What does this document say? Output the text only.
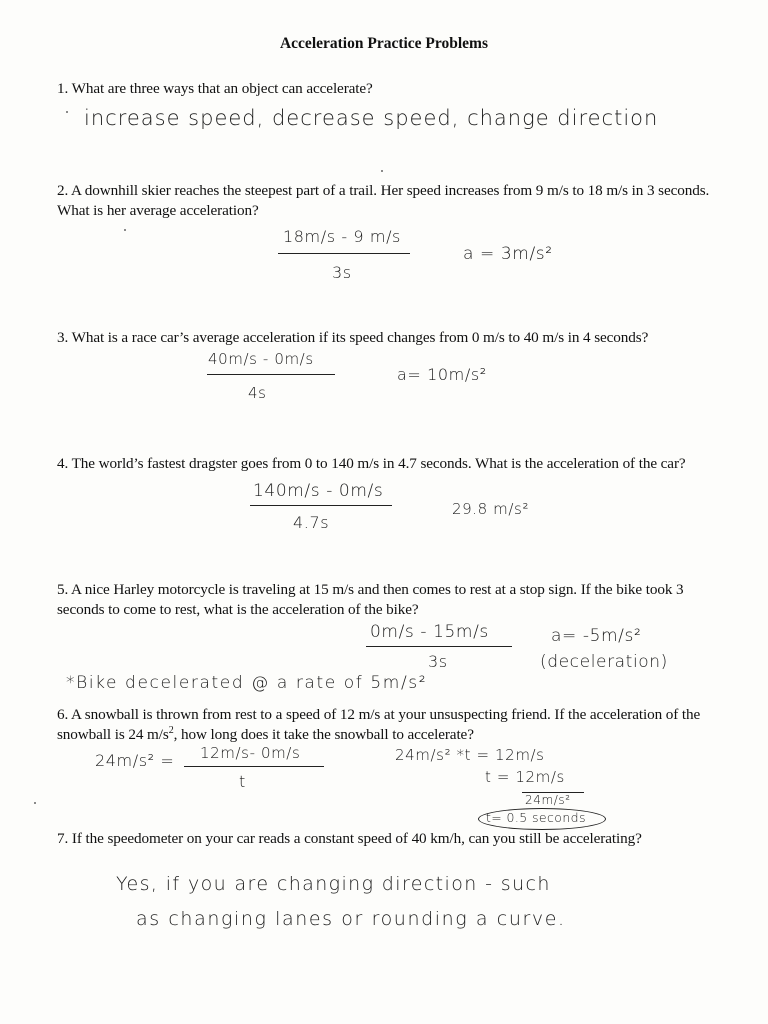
Acceleration Practice Problems

1. What are three ways that an object can accelerate?

increase speed, decrease speed, change direction

2. A downhill skier reaches the steepest part of a trail. Her speed increases from 9 m/s to 18 m/s in 3 seconds. What is her average acceleration?

18m/s - 9 m/s
3s
a = 3m/s²

3. What is a race car’s average acceleration if its speed changes from 0 m/s to 40 m/s in 4 seconds?

40m/s - 0m/s
4s
a= 10m/s²

4. The world’s fastest dragster goes from 0 to 140 m/s in 4.7 seconds. What is the acceleration of the car?

140m/s - 0m/s
4.7s
29.8 m/s²

5. A nice Harley motorcycle is traveling at 15 m/s and then comes to rest at a stop sign. If the bike took 3 seconds to come to rest, what is the acceleration of the bike?

0m/s - 15m/s
3s
a= -5m/s²
(deceleration)
*Bike decelerated @ a rate of 5m/s²

6. A snowball is thrown from rest to a speed of 12 m/s at your unsuspecting friend. If the acceleration of the snowball is 24 $m/s^2$, how long does it take the snowball to accelerate?

24m/s² = 12m/s- 0m/s
t
24m/s² *t = 12m/s
t = 12m/s
24m/s²
t= 0.5 seconds

7. If the speedometer on your car reads a constant speed of 40 km/h, can you still be accelerating?

Yes, if you are changing direction - such
as changing lanes or rounding a curve.
